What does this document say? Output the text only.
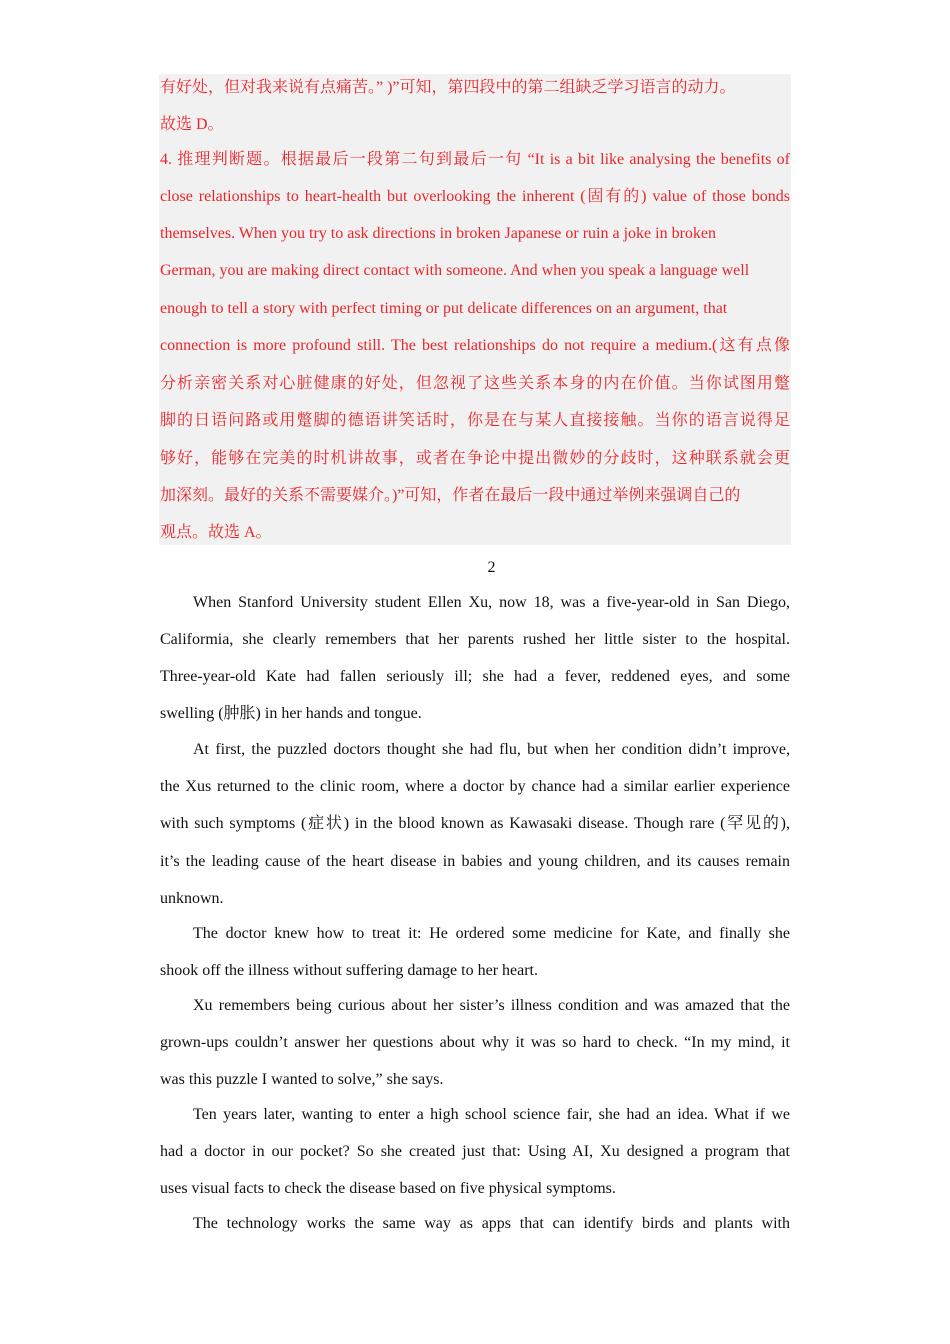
有好处，但对我来说有点痛苦。” )”可知，第四段中的第二组缺乏学习语言的动力。
故选 D。
4. 推理判断题。根据最后一段第二句到最后一句 “It is a bit like analysing the benefits of
close relationships to heart-health but overlooking the inherent (固有的) value of those bonds
themselves. When you try to ask directions in broken Japanese or ruin a joke in broken
German, you are making direct contact with someone. And when you speak a language well
enough to tell a story with perfect timing or put delicate differences on an argument, that
connection is more profound still. The best relationships do not require a medium.(这有点像
分析亲密关系对心脏健康的好处，但忽视了这些关系本身的内在价值。当你试图用蹩
脚的日语问路或用蹩脚的德语讲笑话时，你是在与某人直接接触。当你的语言说得足
够好，能够在完美的时机讲故事，或者在争论中提出微妙的分歧时，这种联系就会更
加深刻。最好的关系不需要媒介。)”可知，作者在最后一段中通过举例来强调自己的
观点。故选 A。
2
When Stanford University student Ellen Xu, now 18, was a five-year-old in San Diego,
Califormia, she clearly remembers that her parents rushed her little sister to the hospital.
Three-year-old Kate had fallen seriously ill; she had a fever, reddened eyes, and some
swelling (肿胀) in her hands and tongue.
At first, the puzzled doctors thought she had flu, but when her condition didn’t improve,
the Xus returned to the clinic room, where a doctor by chance had a similar earlier experience
with such symptoms (症状) in the blood known as Kawasaki disease. Though rare (罕见的),
it’s the leading cause of the heart disease in babies and young children, and its causes remain
unknown.
The doctor knew how to treat it: He ordered some medicine for Kate, and finally she
shook off the illness without suffering damage to her heart.
Xu remembers being curious about her sister’s illness condition and was amazed that the
grown-ups couldn’t answer her questions about why it was so hard to check. “In my mind, it
was this puzzle I wanted to solve,” she says.
Ten years later, wanting to enter a high school science fair, she had an idea. What if we
had a doctor in our pocket? So she created just that: Using AI, Xu designed a program that
uses visual facts to check the disease based on five physical symptoms.
The technology works the same way as apps that can identify birds and plants with
